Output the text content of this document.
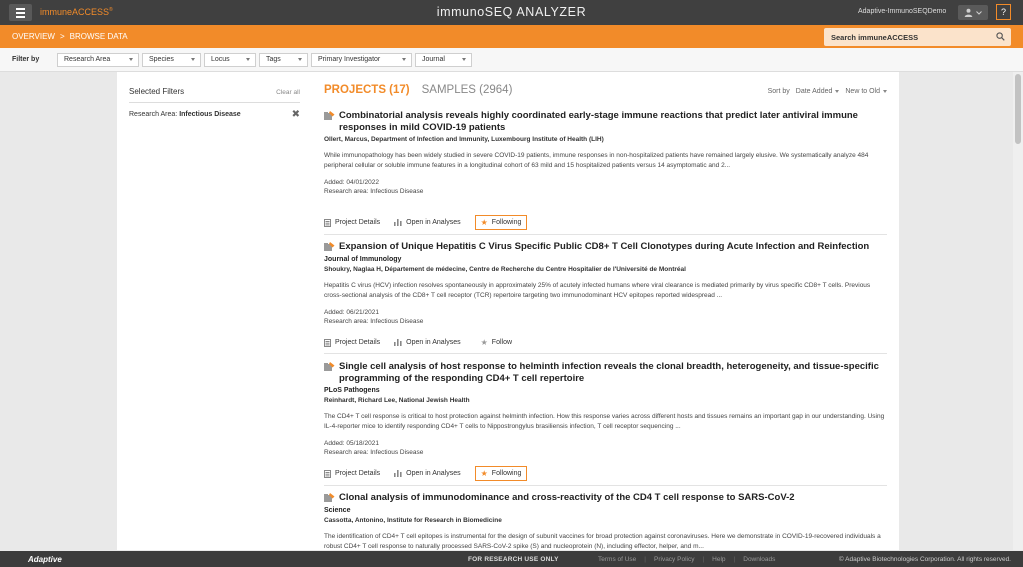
immuneACCESS®	immunoSEQ ANALYZER	Adaptive-ImmunoSEQDemo	?
OVERVIEW > BROWSE DATA
Search immuneACCESS
Filter by	Research Area	Species	Locus	Tags	Primary Investigator	Journal
Selected Filters	Clear all
Research Area: Infectious Disease	✖
PROJECTS (17) SAMPLES (2964)	Sort by Date Added	New to Old
Combinatorial analysis reveals highly coordinated early-stage immune reactions that predict later antiviral immune responses in mild COVID-19 patients
Ollert, Marcus, Department of Infection and Immunity, Luxembourg Institute of Health (LIH)
While immunopathology has been widely studied in severe COVID-19 patients, immune responses in non-hospitalized patients have remained largely elusive. We systematically analyze 484 peripheral cellular or soluble immune features in a longitudinal cohort of 63 mild and 15 hospitalized patients versus 14 asymptomatic and 2...
Added: 04/01/2022
Research area: Infectious Disease
Project Details	Open in Analyses	★ Following
Expansion of Unique Hepatitis C Virus Specific Public CD8+ T Cell Clonotypes during Acute Infection and Reinfection
Journal of Immunology
Shoukry, Naglaa H, Département de médecine, Centre de Recherche du Centre Hospitalier de l'Université de Montréal
Hepatitis C virus (HCV) infection resolves spontaneously in approximately 25% of acutely infected humans where viral clearance is mediated primarily by virus specific CD8+ T cells. Previous cross-sectional analysis of the CD8+ T cell receptor (TCR) repertoire targeting two immunodominant HCV epitopes reported widespread ...
Added: 06/21/2021
Research area: Infectious Disease
Project Details	Open in Analyses	★ Follow
Single cell analysis of host response to helminth infection reveals the clonal breadth, heterogeneity, and tissue-specific programming of the responding CD4+ T cell repertoire
PLoS Pathogens
Reinhardt, Richard Lee, National Jewish Health
The CD4+ T cell response is critical to host protection against helminth infection. How this response varies across different hosts and tissues remains an important gap in our understanding. Using IL-4-reporter mice to identify responding CD4+ T cells to Nippostrongylus brasiliensis infection, T cell receptor sequencing ...
Added: 05/18/2021
Research area: Infectious Disease
Project Details	Open in Analyses	★ Following
Clonal analysis of immunodominance and cross-reactivity of the CD4 T cell response to SARS-CoV-2
Science
Cassotta, Antonino, Institute for Research in Biomedicine
The identification of CD4+ T cell epitopes is instrumental for the design of subunit vaccines for broad protection against coronaviruses. Here we demonstrate in COVID-19-recovered individuals a robust CD4+ T cell response to naturally processed SARS-CoV-2 spike (S) and nucleoprotein (N), including effector, helper, and m...
Adaptive	FOR RESEARCH USE ONLY	Terms of Use | Privacy Policy | Help | Downloads	© Adaptive Biotechnologies Corporation. All rights reserved.
